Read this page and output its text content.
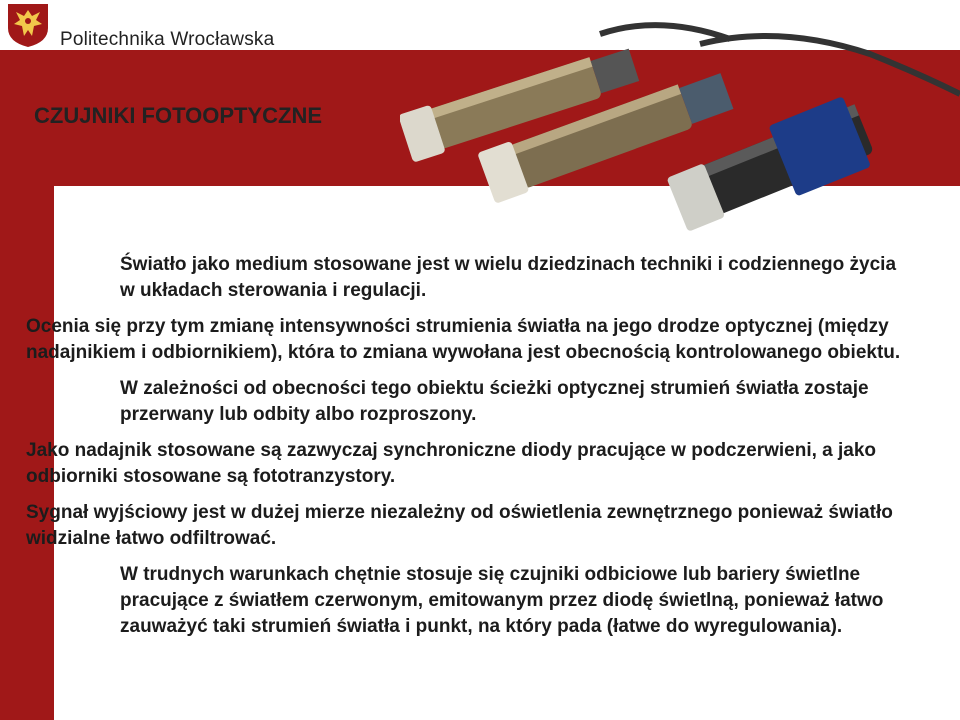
Politechnika Wrocławska
CZUJNIKI FOTOOPTYCZNE

Światło jako medium stosowane jest w wielu dziedzinach techniki i codziennego życia w układach sterowania i regulacji.

Ocenia się przy tym zmianę intensywności strumienia światła na jego drodze optycznej (między nadajnikiem i odbiornikiem), która to zmiana wywołana jest obecnością kontrolowanego obiektu.

W zależności od obecności tego obiektu ścieżki optycznej strumień światła zostaje przerwany lub odbity albo rozproszony.

Jako nadajnik stosowane są zazwyczaj synchroniczne diody pracujące w podczerwieni, a jako odbiorniki stosowane są fototranzystory.

Sygnał wyjściowy jest w dużej mierze niezależny od oświetlenia zewnętrznego ponieważ światło widzialne łatwo odfiltrować.

W trudnych warunkach chętnie stosuje się czujniki odbiciowe lub bariery świetlne pracujące z światłem czerwonym, emitowanym przez diodę świetlną, ponieważ łatwo zauważyć taki strumień światła i punkt, na który pada (łatwe do wyregulowania).
